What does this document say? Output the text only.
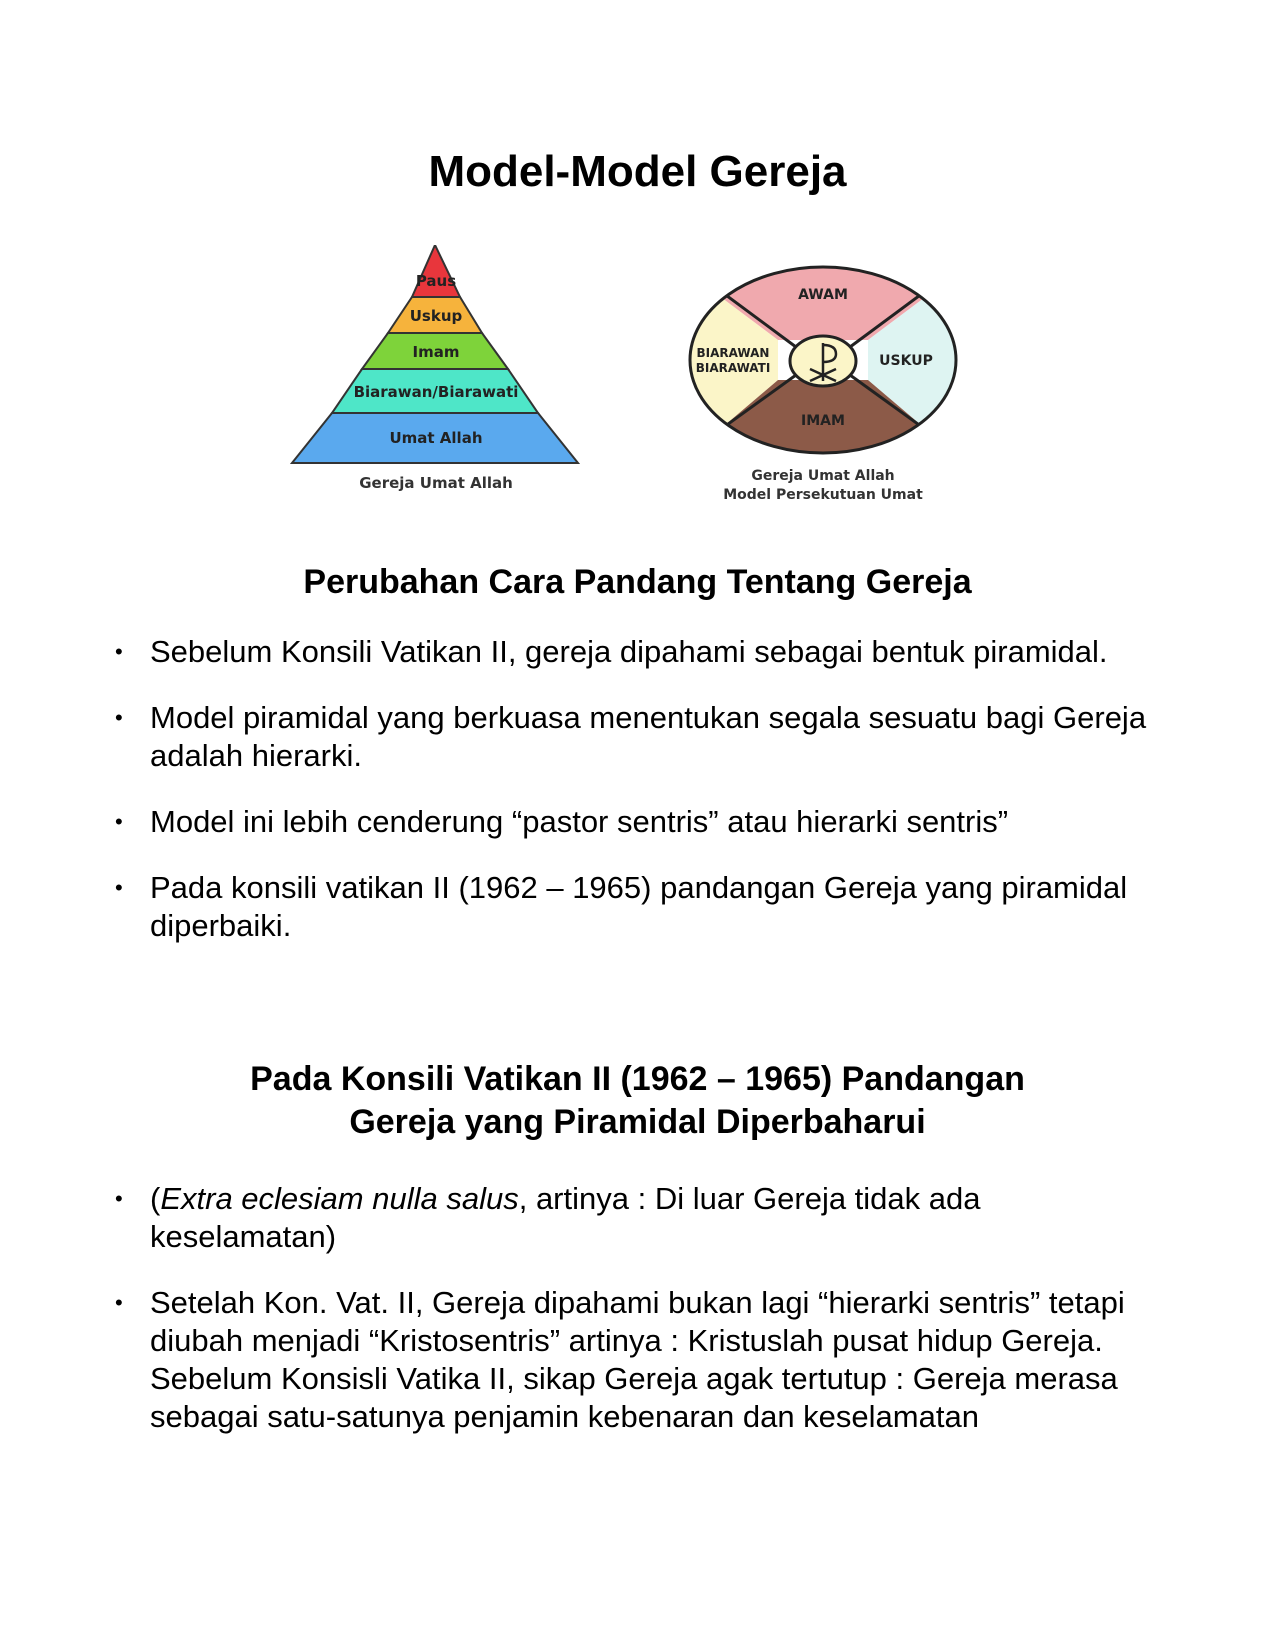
Model-Model Gereja
Paus
Uskup
Imam
Biarawan/Biarawati
Umat Allah
Gereja Umat Allah
AWAM
BIARAWAN
BIARAWATI	USKUP
IMAM
Gereja Umat Allah
Model Persekutuan Umat
Perubahan Cara Pandang Tentang Gereja
• Sebelum Konsili Vatikan II, gereja dipahami sebagai bentuk piramidal.
• Model piramidal yang berkuasa menentukan segala sesuatu bagi Gereja adalah hierarki.
• Model ini lebih cenderung “pastor sentris” atau hierarki sentris”
• Pada konsili vatikan II (1962 – 1965) pandangan Gereja yang piramidal diperbaiki.
Pada Konsili Vatikan II (1962 – 1965) Pandangan
Gereja yang Piramidal Diperbaharui
• (Extra eclesiam nulla salus, artinya : Di luar Gereja tidak ada keselamatan)
• Setelah Kon. Vat. II, Gereja dipahami bukan lagi “hierarki sentris” tetapi diubah menjadi “Kristosentris” artinya : Kristuslah pusat hidup Gereja. Sebelum Konsisli Vatika II, sikap Gereja agak tertutup : Gereja merasa sebagai satu-satunya penjamin kebenaran dan keselamatan
